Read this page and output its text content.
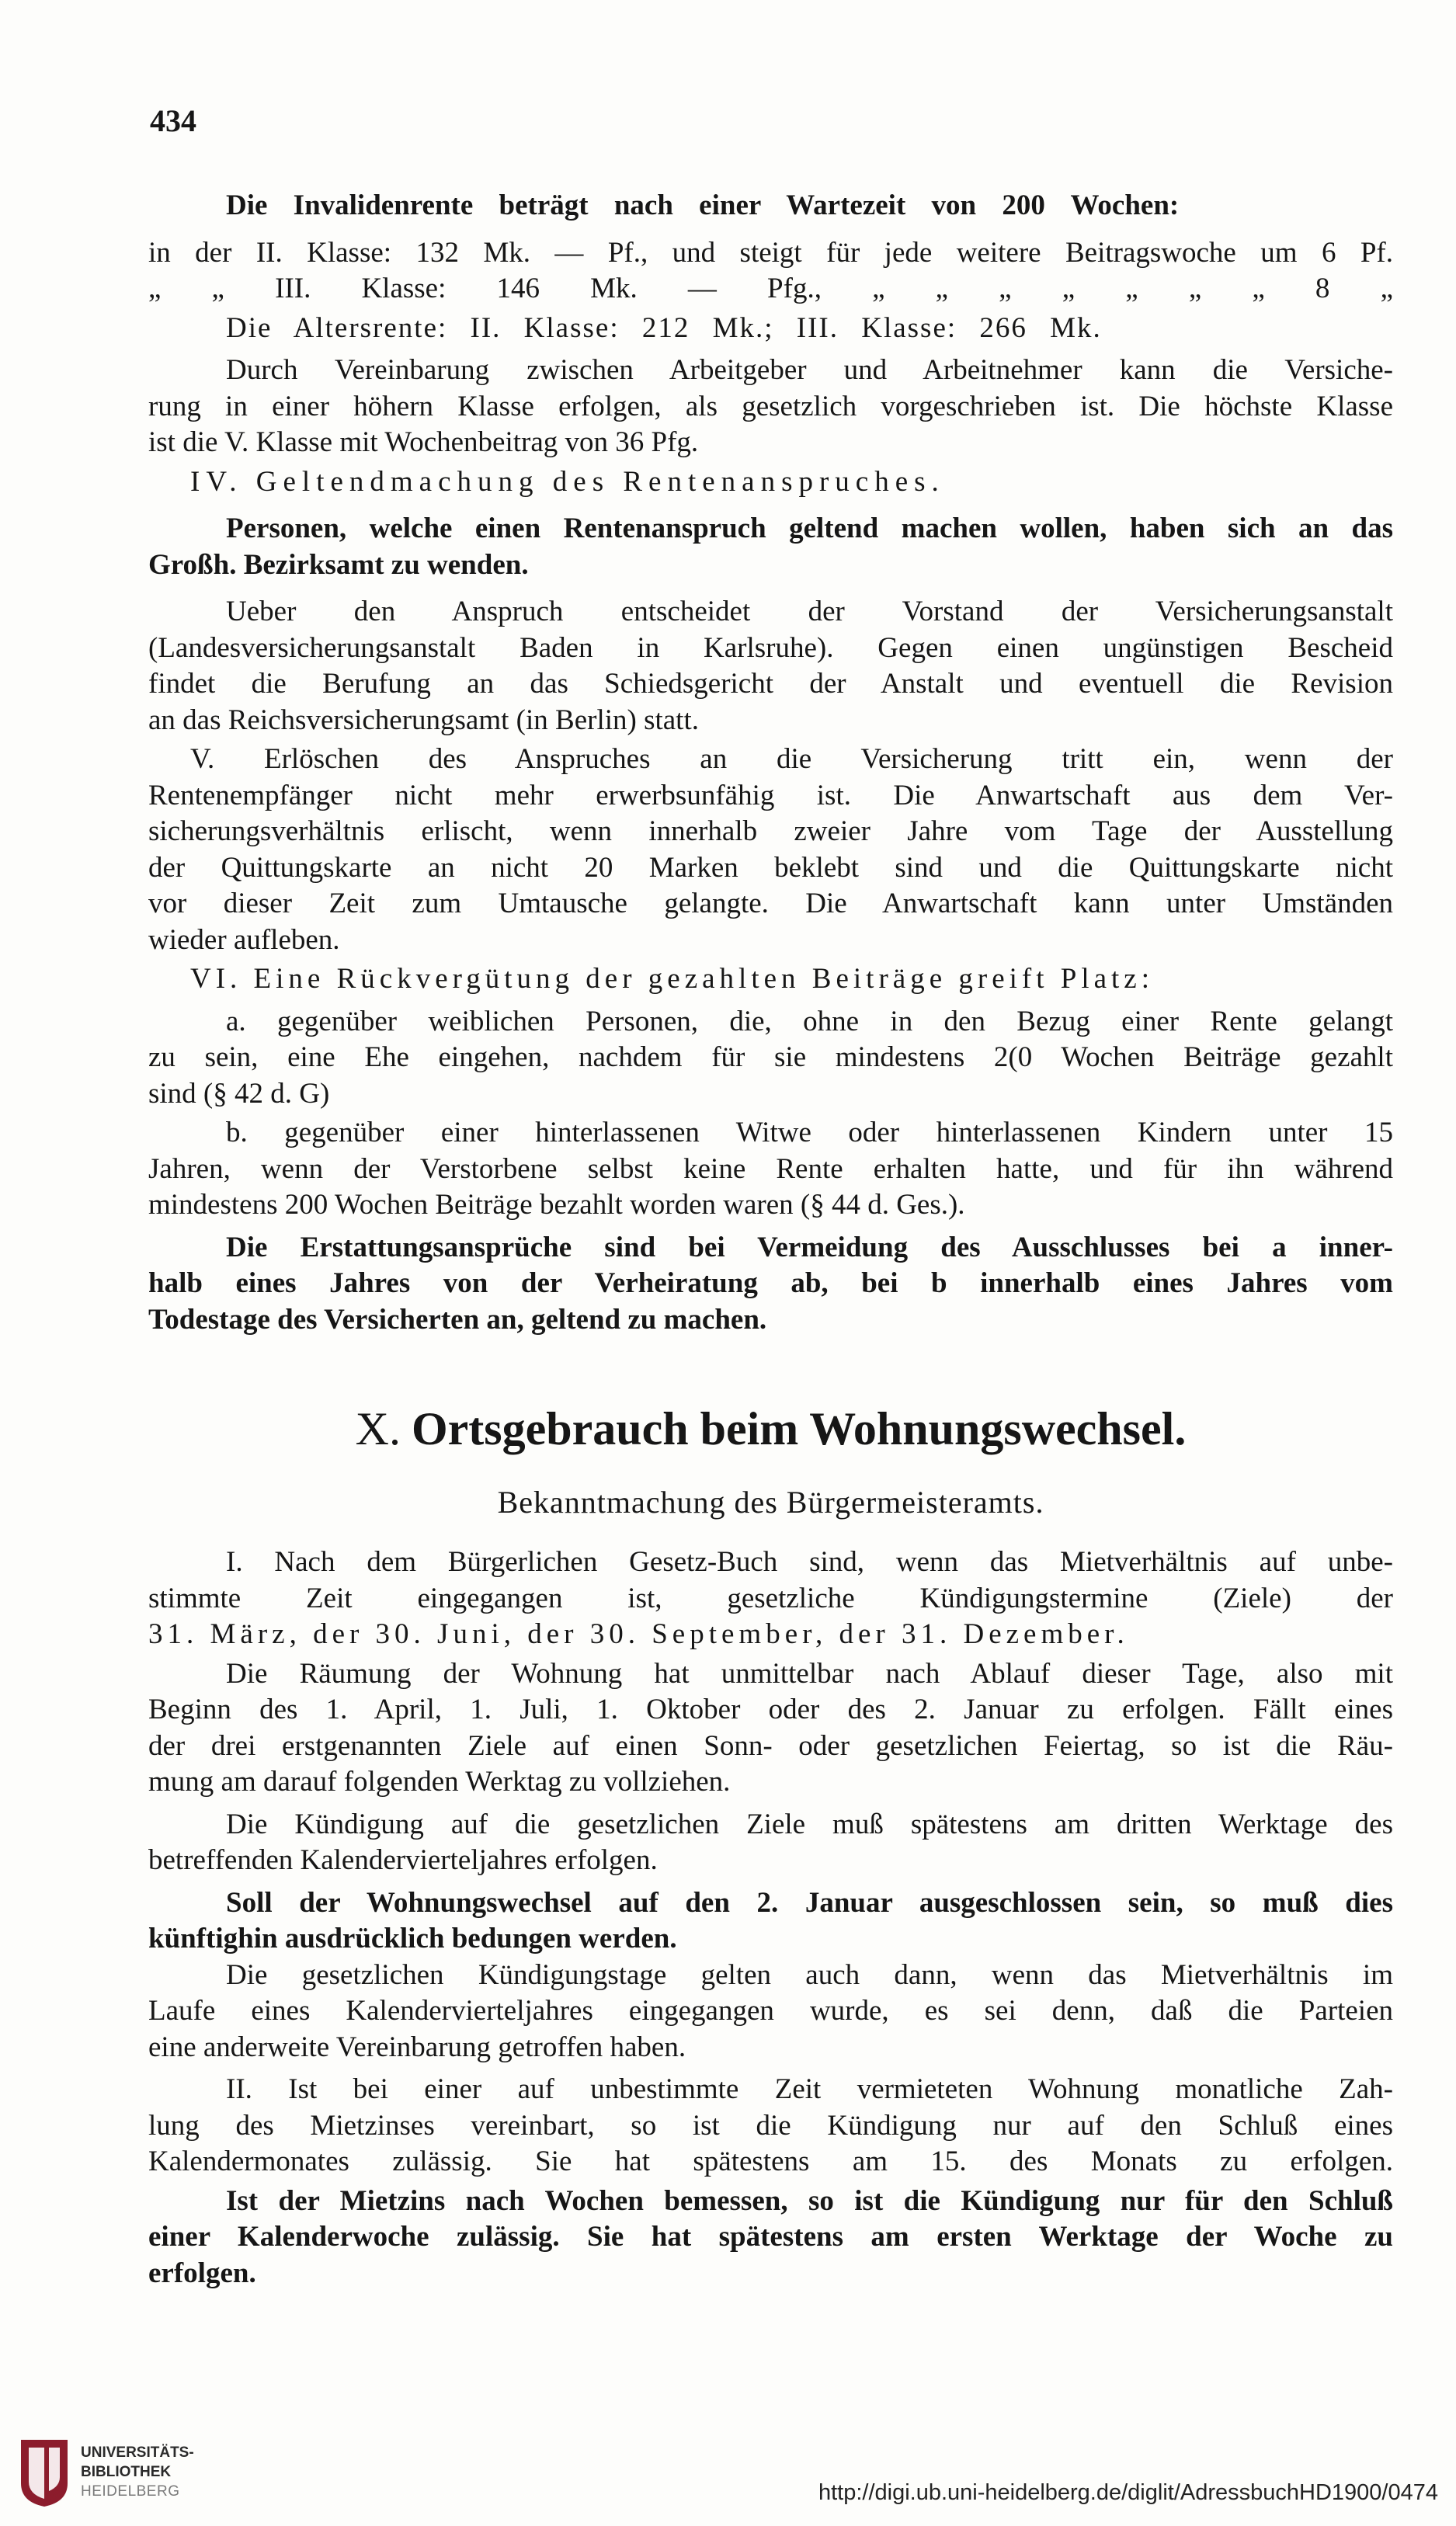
434
Die Invalidenrente beträgt nach einer Wartezeit von 200 Wochen:
in der II. Klasse: 132 Mk. — Pf., und steigt für jede weitere Beitragswoche um 6 Pf.
„ „ III. Klasse: 146 Mk. — Pfg., „ „ „ „ „ „ „ 8 „
Die Altersrente: II. Klasse: 212 Mk.; III. Klasse: 266 Mk.
Durch Vereinbarung zwischen Arbeitgeber und Arbeitnehmer kann die Versiche-
rung in einer höhern Klasse erfolgen, als gesetzlich vorgeschrieben ist. Die höchste Klasse
ist die V. Klasse mit Wochenbeitrag von 36 Pfg.
IV. Geltendmachung des Rentenanspruches.
Personen, welche einen Rentenanspruch geltend machen wollen, haben sich an das
Großh. Bezirksamt zu wenden.
Ueber den Anspruch entscheidet der Vorstand der Versicherungsanstalt
(Landesversicherungsanstalt Baden in Karlsruhe). Gegen einen ungünstigen Bescheid
findet die Berufung an das Schiedsgericht der Anstalt und eventuell die Revision
an das Reichsversicherungsamt (in Berlin) statt.
V. Erlöschen des Anspruches an die Versicherung tritt ein, wenn der
Rentenempfänger nicht mehr erwerbsunfähig ist. Die Anwartschaft aus dem Ver-
sicherungsverhältnis erlischt, wenn innerhalb zweier Jahre vom Tage der Ausstellung
der Quittungskarte an nicht 20 Marken beklebt sind und die Quittungskarte nicht
vor dieser Zeit zum Umtausche gelangte. Die Anwartschaft kann unter Umständen
wieder aufleben.
VI. Eine Rückvergütung der gezahlten Beiträge greift Platz:
a. gegenüber weiblichen Personen, die, ohne in den Bezug einer Rente gelangt
zu sein, eine Ehe eingehen, nachdem für sie mindestens 2(0 Wochen Beiträge gezahlt
sind (§ 42 d. G)
b. gegenüber einer hinterlassenen Witwe oder hinterlassenen Kindern unter 15
Jahren, wenn der Verstorbene selbst keine Rente erhalten hatte, und für ihn während
mindestens 200 Wochen Beiträge bezahlt worden waren (§ 44 d. Ges.).
Die Erstattungsansprüche sind bei Vermeidung des Ausschlusses bei a inner-
halb eines Jahres von der Verheiratung ab, bei b innerhalb eines Jahres vom
Todestage des Versicherten an, geltend zu machen.
X. Ortsgebrauch beim Wohnungswechsel.
Bekanntmachung des Bürgermeisteramts.
I. Nach dem Bürgerlichen Gesetz-Buch sind, wenn das Mietverhältnis auf unbe-
stimmte Zeit eingegangen ist, gesetzliche Kündigungstermine (Ziele) der
31. März, der 30. Juni, der 30. September, der 31. Dezember.
Die Räumung der Wohnung hat unmittelbar nach Ablauf dieser Tage, also mit
Beginn des 1. April, 1. Juli, 1. Oktober oder des 2. Januar zu erfolgen. Fällt eines
der drei erstgenannten Ziele auf einen Sonn- oder gesetzlichen Feiertag, so ist die Räu-
mung am darauf folgenden Werktag zu vollziehen.
Die Kündigung auf die gesetzlichen Ziele muß spätestens am dritten Werktage des
betreffenden Kalendervierteljahres erfolgen.
Soll der Wohnungswechsel auf den 2. Januar ausgeschlossen sein, so muß dies
künftighin ausdrücklich bedungen werden.
Die gesetzlichen Kündigungstage gelten auch dann, wenn das Mietverhältnis im
Laufe eines Kalendervierteljahres eingegangen wurde, es sei denn, daß die Parteien
eine anderweite Vereinbarung getroffen haben.
II. Ist bei einer auf unbestimmte Zeit vermieteten Wohnung monatliche Zah-
lung des Mietzinses vereinbart, so ist die Kündigung nur auf den Schluß eines
Kalendermonates zulässig. Sie hat spätestens am 15. des Monats zu erfolgen.
Ist der Mietzins nach Wochen bemessen, so ist die Kündigung nur für den Schluß
einer Kalenderwoche zulässig. Sie hat spätestens am ersten Werktage der Woche zu
erfolgen.
UNIVERSITÄTS-
BIBLIOTHEK
HEIDELBERG	http://digi.ub.uni-heidelberg.de/diglit/AdressbuchHD1900/0474
